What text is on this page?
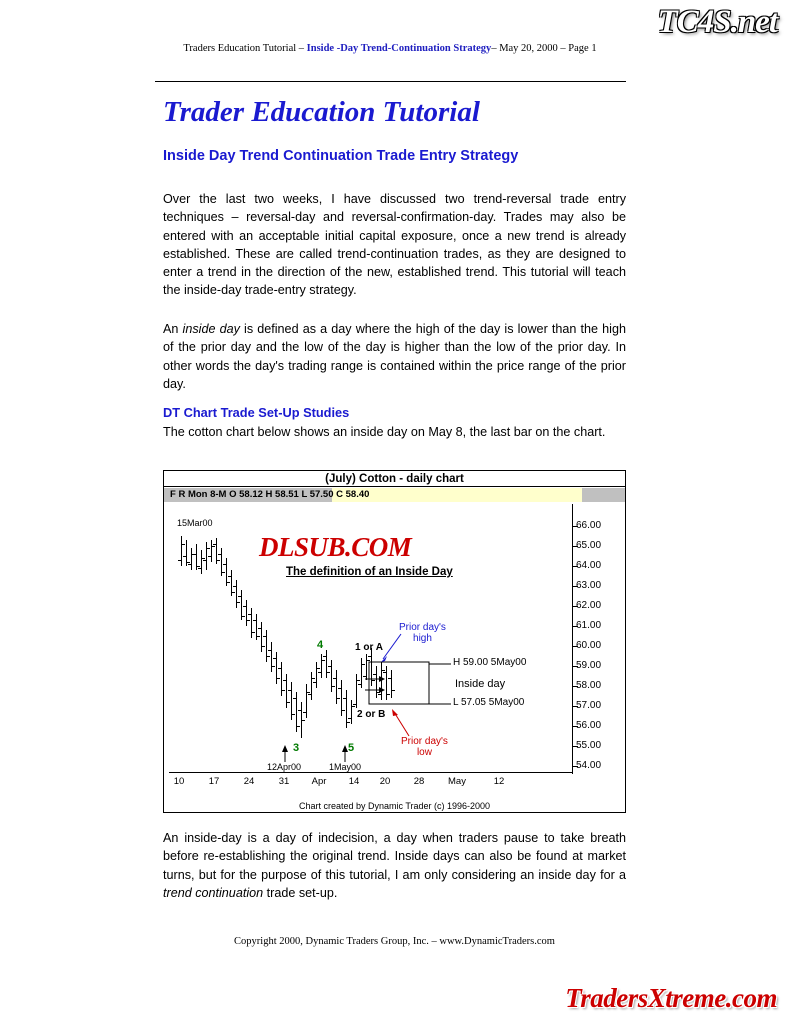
TC4S.net
Traders Education Tutorial – Inside -Day Trend-Continuation Strategy– May 20, 2000 – Page 1
Trader Education Tutorial
Inside Day Trend Continuation Trade Entry Strategy

Over the last two weeks, I have discussed two trend-reversal trade entry techniques – reversal-day and reversal-confirmation-day. Trades may also be entered with an acceptable initial capital exposure, once a new trend is already established. These are called trend-continuation trades, as they are designed to enter a trend in the direction of the new, established trend. This tutorial will teach the inside-day trade-entry strategy.

An inside day is defined as a day where the high of the day is lower than the high of the prior day and the low of the day is higher than the low of the prior day. In other words the day's trading range is contained within the price range of the prior day.

DT Chart Trade Set-Up Studies

The cotton chart below shows an inside day on May 8, the last bar on the chart.

(July) Cotton - daily chart
F R Mon 8-M O 58.12 H 58.51 L 57.50 C 58.40
DLSUB.COM
66.00
65.00
64.00
63.00
62.00
61.00
60.00
59.00
58.00
57.00
56.00
55.00
54.00
10	17	24	31 Apr 14 20 28 May	12
15Mar00
The definition of an Inside Day
Prior day's
high
H 59.00 5May00
Inside day
L 57.05 5May00
Prior day's
low
1 or A
2 or B
3
4
5
12Apr00	1May00
Chart created by Dynamic Trader (c) 1996-2000

An inside-day is a day of indecision, a day when traders pause to take breath before re-establishing the original trend. Inside days can also be found at market turns, but for the purpose of this tutorial, I am only considering an inside day for a trend continuation trade set-up.

Copyright 2000, Dynamic Traders Group, Inc. – www.DynamicTraders.com
TradersXtreme.com
